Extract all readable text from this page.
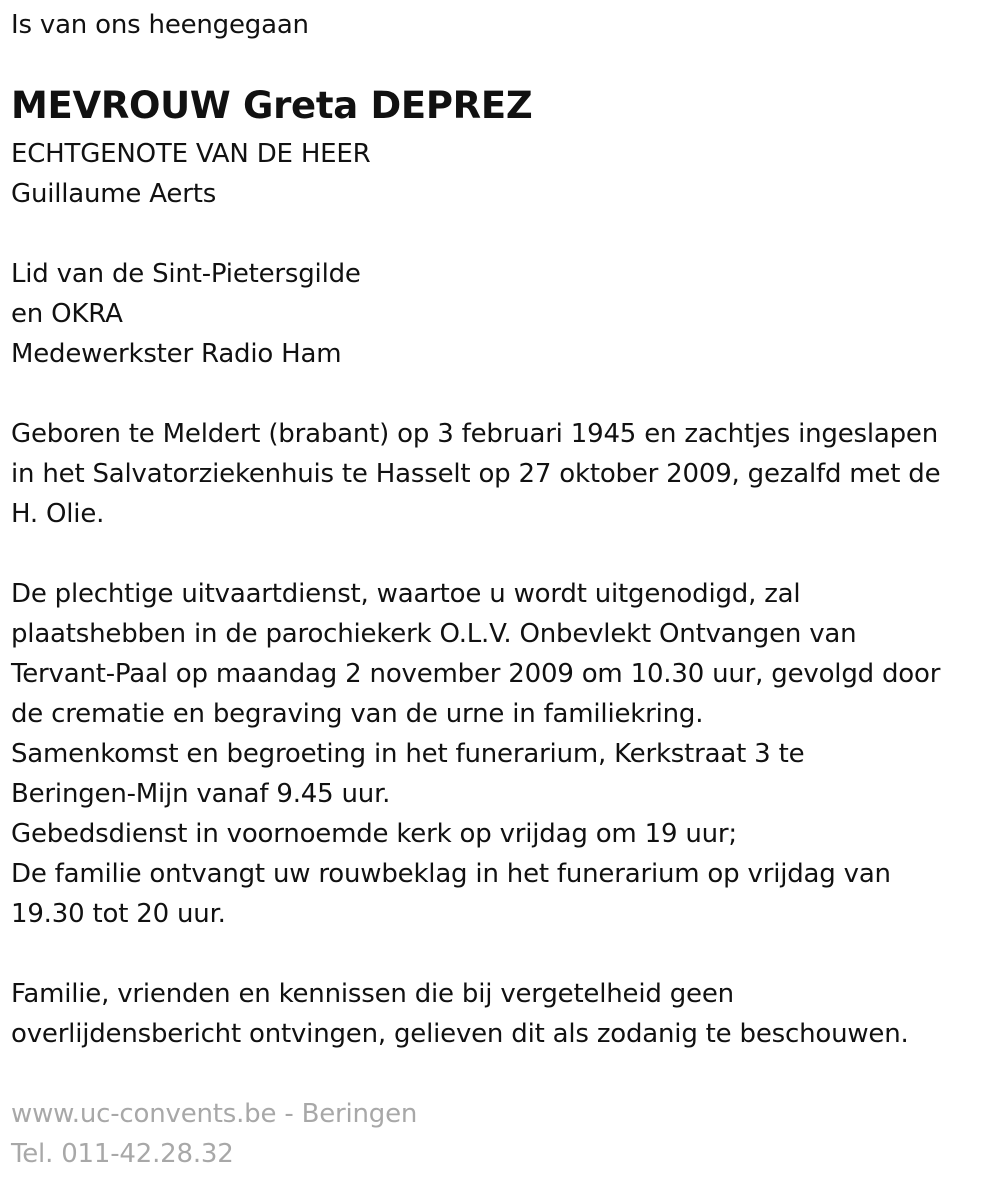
Is van ons heengegaan
MEVROUW Greta DEPREZ
ECHTGENOTE VAN DE HEER
Guillaume Aerts
Lid van de Sint-Pietersgilde
en OKRA
Medewerkster Radio Ham
Geboren te Meldert (brabant) op 3 februari 1945 en zachtjes ingeslapen
in het Salvatorziekenhuis te Hasselt op 27 oktober 2009, gezalfd met de
H. Olie.
De plechtige uitvaartdienst, waartoe u wordt uitgenodigd, zal
plaatshebben in de parochiekerk O.L.V. Onbevlekt Ontvangen van
Tervant-Paal op maandag 2 november 2009 om 10.30 uur, gevolgd door
de crematie en begraving van de urne in familiekring.
Samenkomst en begroeting in het funerarium, Kerkstraat 3 te
Beringen-Mijn vanaf 9.45 uur.
Gebedsdienst in voornoemde kerk op vrijdag om 19 uur;
De familie ontvangt uw rouwbeklag in het funerarium op vrijdag van
19.30 tot 20 uur.
Familie, vrienden en kennissen die bij vergetelheid geen
overlijdensbericht ontvingen, gelieven dit als zodanig te beschouwen.
www.uc-convents.be - Beringen
Tel. 011-42.28.32
